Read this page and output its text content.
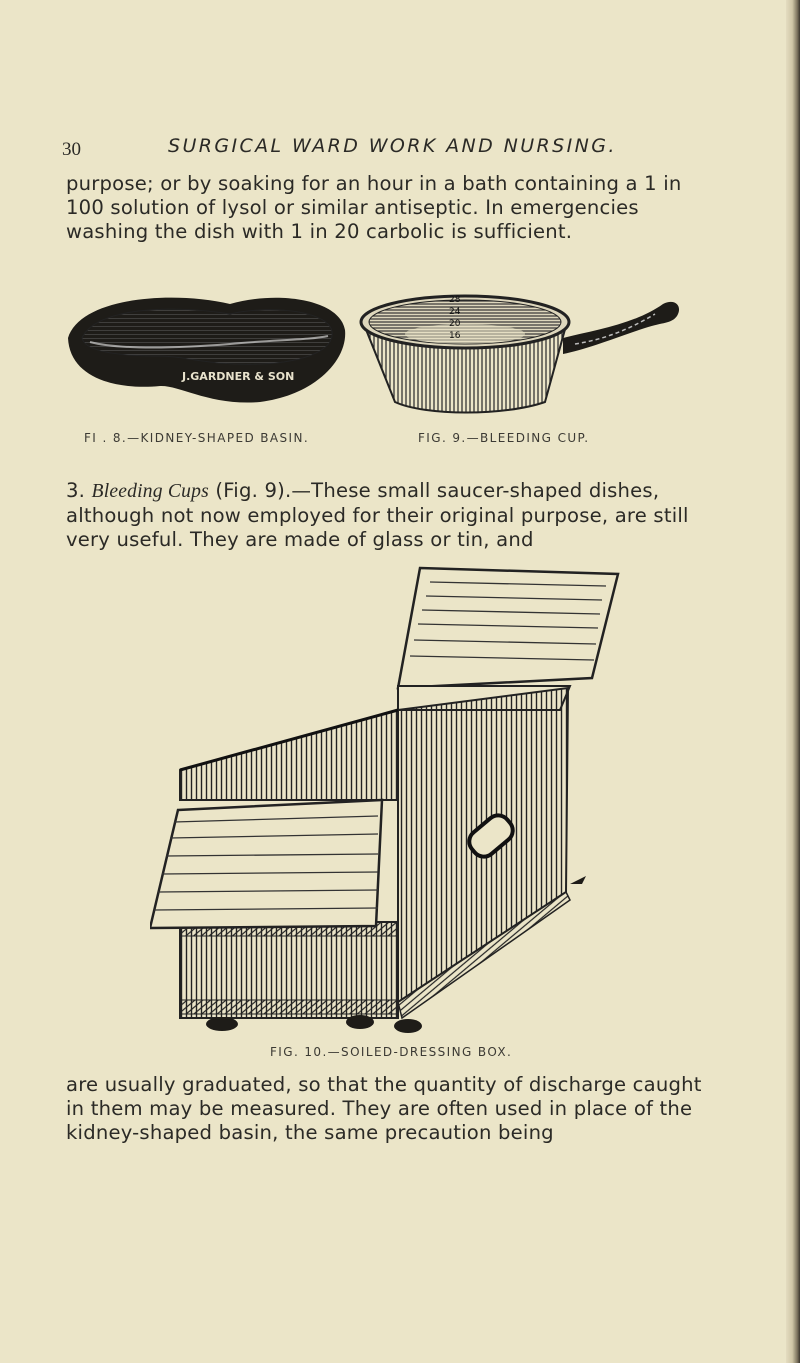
30	SURGICAL WARD WORK AND NURSING.

purpose; or by soaking for an hour in a bath containing a 1 in 100 solution of lysol or similar antiseptic. In emergencies washing the dish with 1 in 20 carbolic is sufficient.

J.GARDNER & SON
28
24
20
16
FI . 8.—KIDNEY-SHAPED BASIN.	FIG. 9.—BLEEDING CUP.

3. Bleeding Cups (Fig. 9).—These small saucer-shaped dishes, although not now employed for their original purpose, are still very useful. They are made of glass or tin, and

FIG. 10.—SOILED-DRESSING BOX.

are usually graduated, so that the quantity of discharge caught in them may be measured. They are often used in place of the kidney-shaped basin, the same precaution being
